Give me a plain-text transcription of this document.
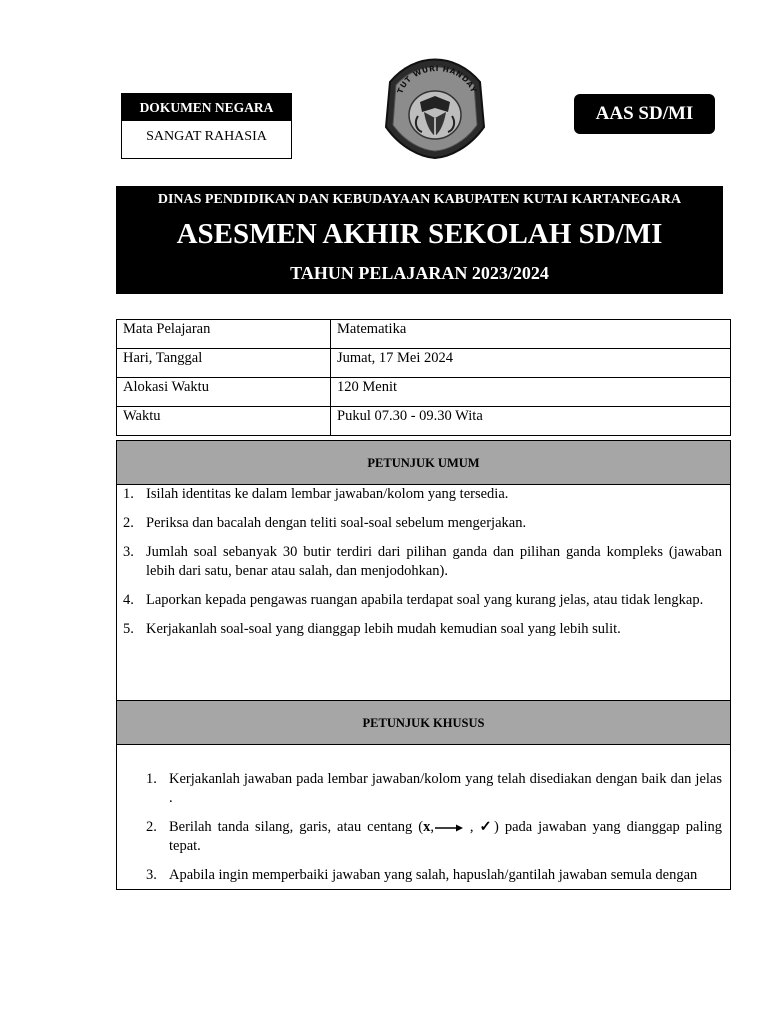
DOKUMEN NEGARA
SANGAT RAHASIA
TUT WURI HANDAY
AAS SD/MI
DINAS PENDIDIKAN DAN KEBUDAYAAN KABUPATEN KUTAI KARTANEGARA
ASESMEN AKHIR SEKOLAH SD/MI
TAHUN PELAJARAN 2023/2024
Mata Pelajaran	Matematika
Hari, Tanggal	Jumat, 17 Mei 2024
Alokasi Waktu	120 Menit
Waktu	Pukul 07.30 - 09.30 Wita
PETUNJUK UMUM
1. Isilah identitas ke dalam lembar jawaban/kolom yang tersedia.
2. Periksa dan bacalah dengan teliti soal-soal sebelum mengerjakan.
3. Jumlah soal sebanyak 30 butir terdiri dari pilihan ganda dan pilihan ganda kompleks (jawaban lebih dari satu, benar atau salah, dan menjodohkan).
4. Laporkan kepada pengawas ruangan apabila terdapat soal yang kurang jelas, atau tidak lengkap.
5. Kerjakanlah soal-soal yang dianggap lebih mudah kemudian soal yang lebih sulit.
PETUNJUK KHUSUS
1. Kerjakanlah jawaban pada lembar jawaban/kolom yang telah disediakan dengan baik dan jelas .
2. Berilah tanda silang, garis, atau centang (x, , ✓) pada jawaban yang dianggap paling tepat.
3. Apabila ingin memperbaiki jawaban yang salah, hapuslah/gantilah jawaban semula dengan
